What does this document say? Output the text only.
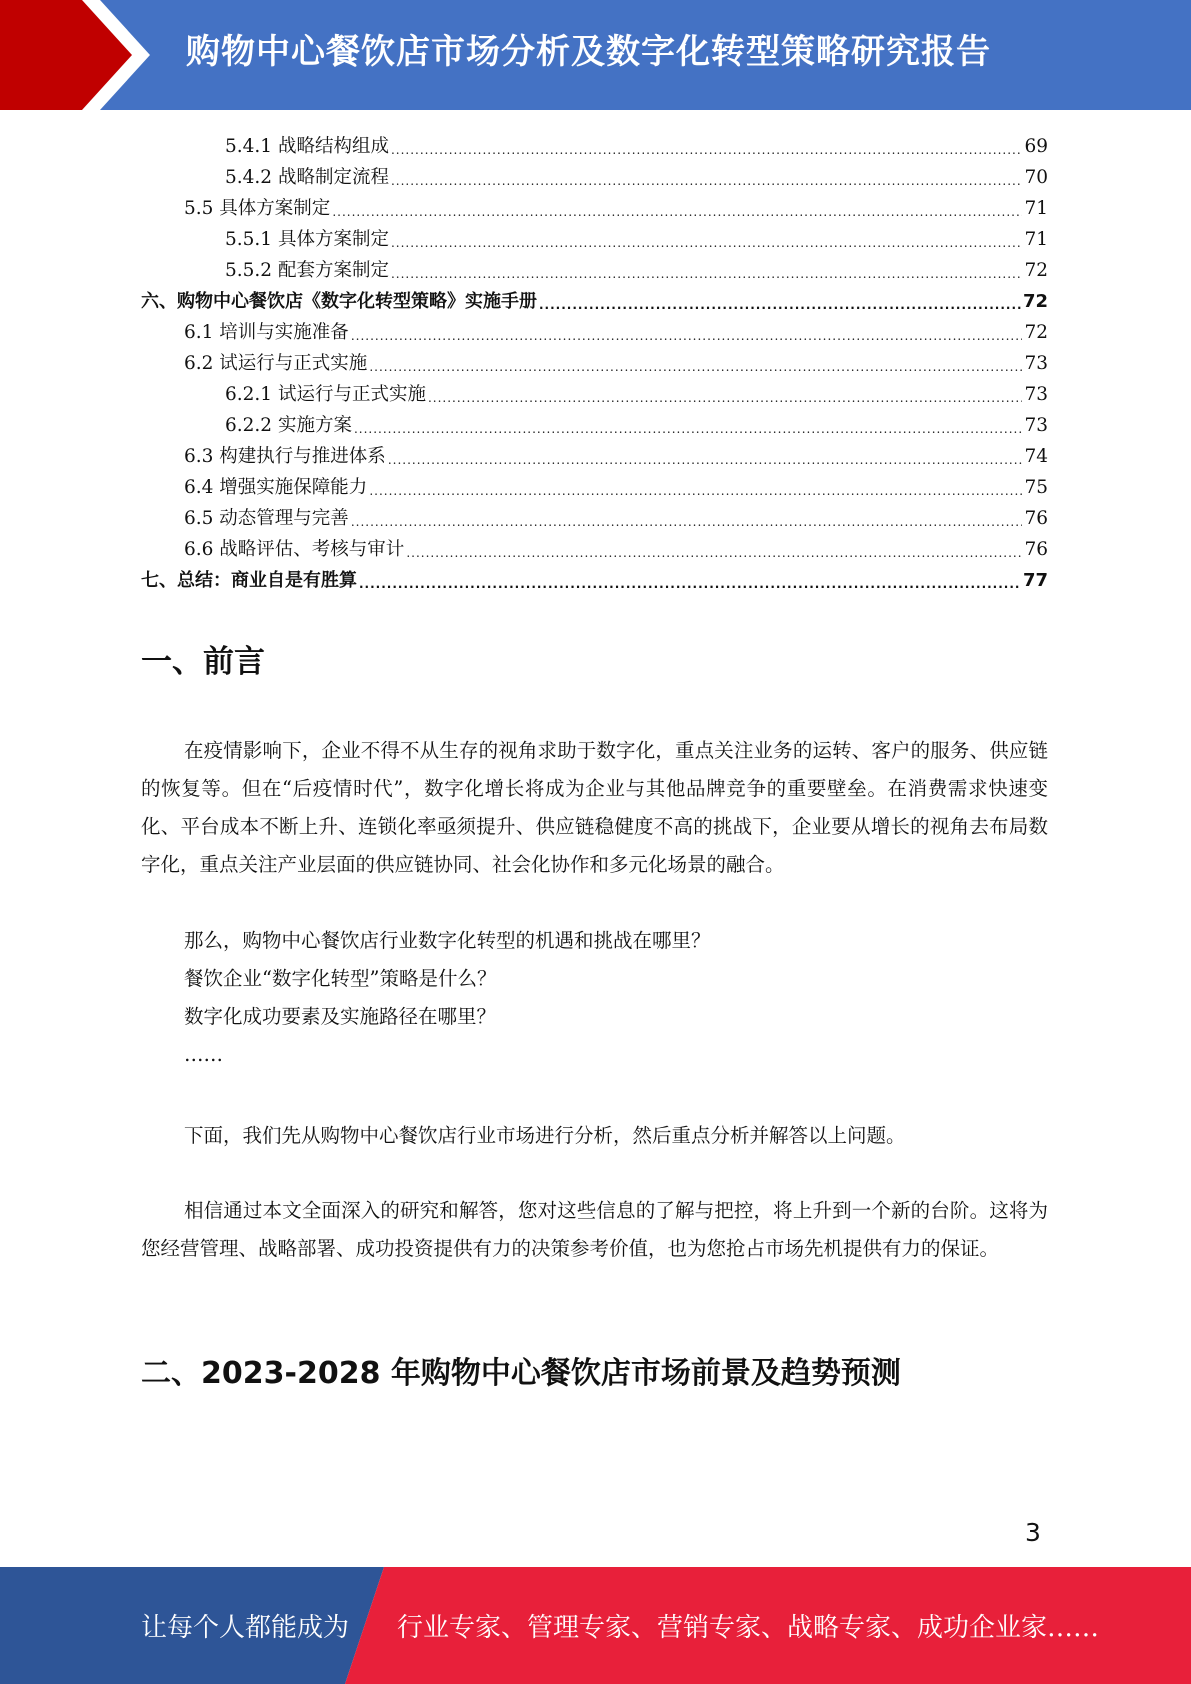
购物中心餐饮店市场分析及数字化转型策略研究报告
5.4.1 战略结构组成 .....	69
5.4.2 战略制定流程 .....	70
5.5 具体方案制定 .....	71
5.5.1 具体方案制定 .....	71
5.5.2 配套方案制定 .....	72
六、购物中心餐饮店《数字化转型策略》实施手册 .....	72
6.1 培训与实施准备 .....	72
6.2 试运行与正式实施 .....	73
6.2.1 试运行与正式实施 .....	73
6.2.2 实施方案 .....	73
6.3 构建执行与推进体系 .....	74
6.4 增强实施保障能力 .....	75
6.5 动态管理与完善 .....	76
6.6 战略评估、考核与审计 .....	76
七、总结：商业自是有胜算 .....	77
一、前言

在疫情影响下，企业不得不从生存的视角求助于数字化，重点关注业务的运转、客户的服务、供应链的恢复等。但在“后疫情时代”，数字化增长将成为企业与其他品牌竞争的重要壁垒。在消费需求快速变化、平台成本不断上升、连锁化率亟须提升、供应链稳健度不高的挑战下，企业要从增长的视角去布局数字化，重点关注产业层面的供应链协同、社会化协作和多元化场景的融合。

那么，购物中心餐饮店行业数字化转型的机遇和挑战在哪里？
餐饮企业“数字化转型”策略是什么？
数字化成功要素及实施路径在哪里？
……

下面，我们先从购物中心餐饮店行业市场进行分析，然后重点分析并解答以上问题。

相信通过本文全面深入的研究和解答，您对这些信息的了解与把控，将上升到一个新的台阶。这将为您经营管理、战略部署、成功投资提供有力的决策参考价值，也为您抢占市场先机提供有力的保证。

二、2023-2028 年购物中心餐饮店市场前景及趋势预测
3
让每个人都能成为 行业专家、管理专家、营销专家、战略专家、成功企业家……
